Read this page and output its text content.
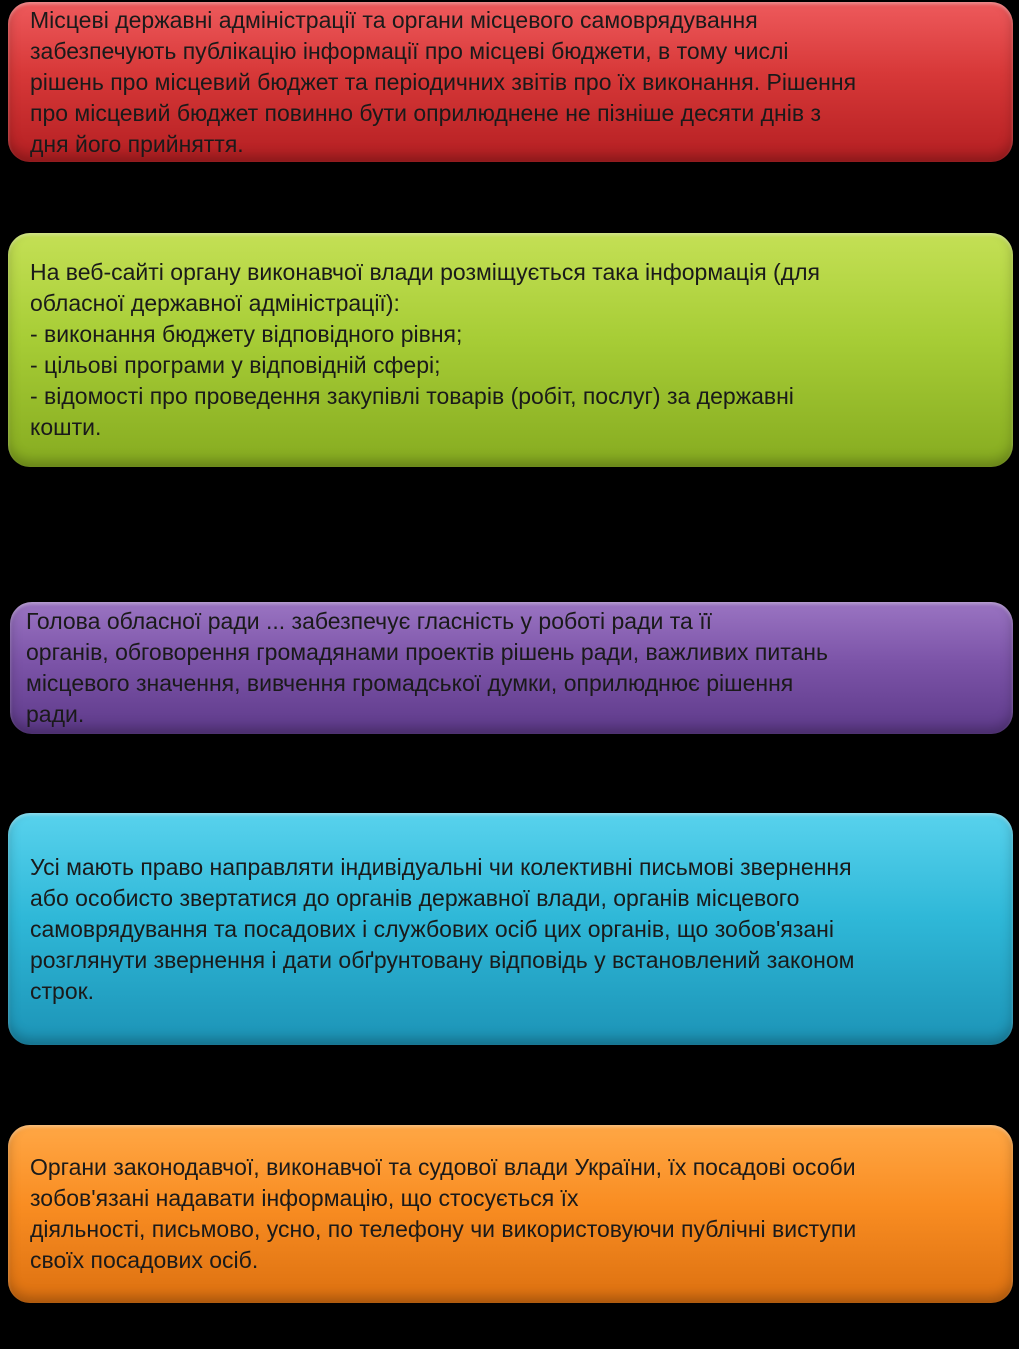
Місцеві державні адміністрації та органи місцевого самоврядування
забезпечують публікацію інформації про місцеві бюджети, в тому числі
рішень про місцевий бюджет та періодичних звітів про їх виконання. Рішення
про місцевий бюджет повинно бути оприлюднене не пізніше десяти днів з
дня його прийняття.

На веб-сайті органу виконавчої влади розміщується така інформація (для
обласної державної адміністрації):
- виконання бюджету відповідного рівня;
- цільові програми у відповідній сфері;
- відомості про проведення закупівлі товарів (робіт, послуг) за державні
кошти.

Голова обласної ради ... забезпечує гласність у роботі ради та її
органів, обговорення громадянами проектів рішень ради, важливих питань
місцевого значення, вивчення громадської думки, оприлюднює рішення
ради.

Усі мають право направляти індивідуальні чи колективні письмові звернення
або особисто звертатися до органів державної влади, органів місцевого
самоврядування та посадових і службових осіб цих органів, що зобов'язані
розглянути звернення і дати обґрунтовану відповідь у встановлений законом
строк.

Органи законодавчої, виконавчої та судової влади України, їх посадові особи
зобов'язані надавати інформацію, що стосується їх
діяльності, письмово, усно, по телефону чи використовуючи публічні виступи
своїх посадових осіб.
